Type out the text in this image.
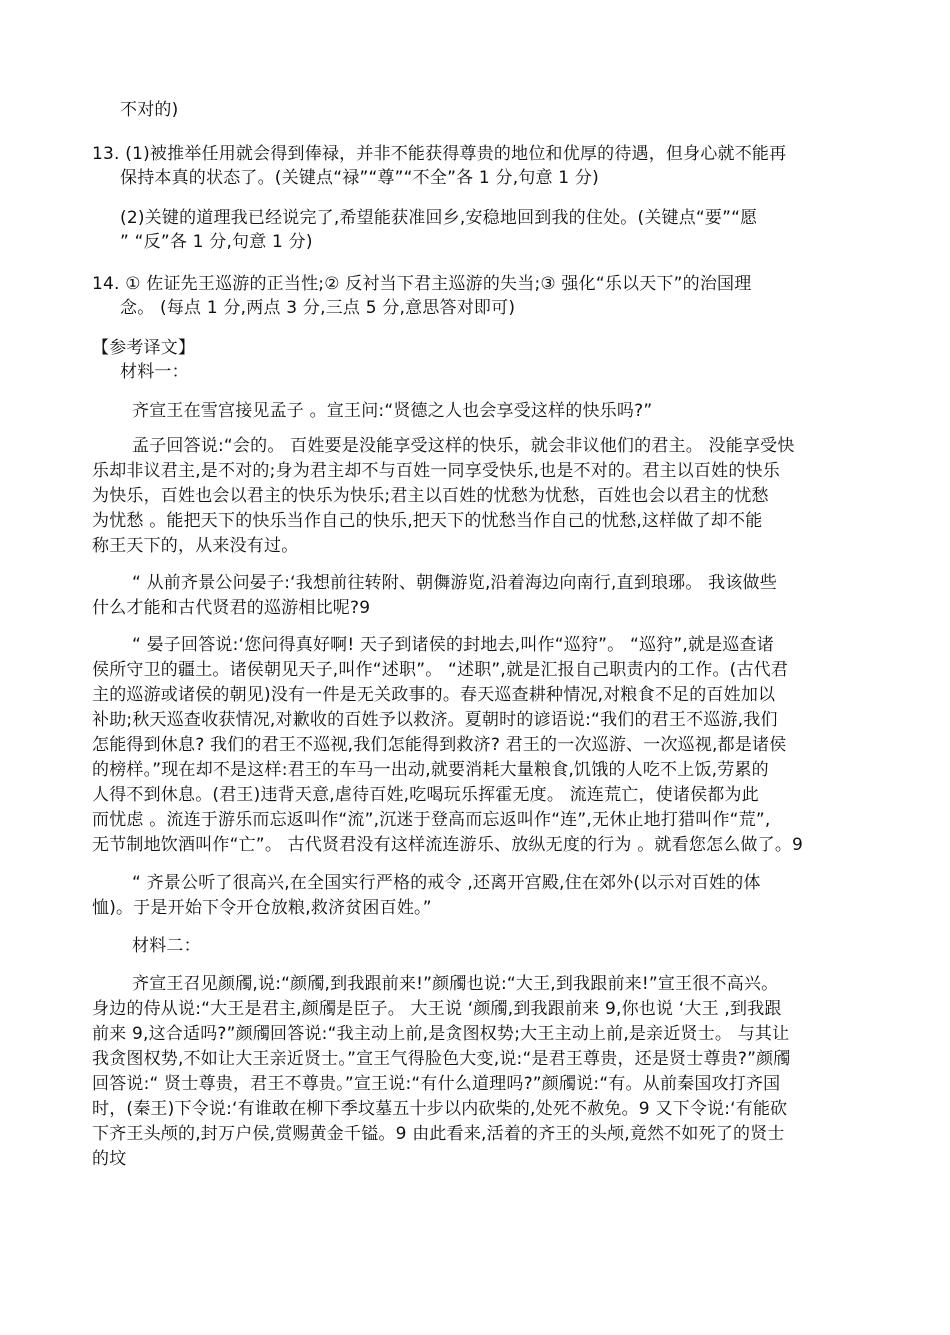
不对的)
13. (1)被推举任用就会得到俸禄，并非不能获得尊贵的地位和优厚的待遇，但身心就不能再
保持本真的状态了。(关键点“禄”“尊”“不全”各 1 分,句意 1 分)
(2)关键的道理我已经说完了,希望能获准回乡,安稳地回到我的住处。(关键点“要”“愿
” “反”各 1 分,句意 1 分)
14. ① 佐证先王巡游的正当性;② 反衬当下君主巡游的失当;③ 强化“乐以天下”的治国理
念。 (每点 1 分,两点 3 分,三点 5 分,意思答对即可)
【参考译文】
材料一：
齐宣王在雪宫接见孟子 。宣王问:“贤德之人也会享受这样的快乐吗?”
孟子回答说:“会的。 百姓要是没能享受这样的快乐，就会非议他们的君主。 没能享受快
乐却非议君主,是不对的;身为君主却不与百姓一同享受快乐,也是不对的。君主以百姓的快乐
为快乐，百姓也会以君主的快乐为快乐;君主以百姓的忧愁为忧愁，百姓也会以君主的忧愁
为忧愁 。能把天下的快乐当作自己的快乐,把天下的忧愁当作自己的忧愁,这样做了却不能
称王天下的，从来没有过。
“ 从前齐景公问晏子:‘我想前往转附、朝儛游览,沿着海边向南行,直到琅琊。 我该做些
什么才能和古代贤君的巡游相比呢?9
“ 晏子回答说:‘您问得真好啊! 天子到诸侯的封地去,叫作“巡狩”。 “巡狩”,就是巡查诸
侯所守卫的疆土。诸侯朝见天子,叫作“述职”。 “述职”,就是汇报自己职责内的工作。(古代君
主的巡游或诸侯的朝见)没有一件是无关政事的。春天巡查耕种情况,对粮食不足的百姓加以
补助;秋天巡查收获情况,对歉收的百姓予以救济。夏朝时的谚语说:“我们的君王不巡游,我们
怎能得到休息? 我们的君王不巡视,我们怎能得到救济? 君王的一次巡游、一次巡视,都是诸侯
的榜样。”现在却不是这样:君王的车马一出动,就要消耗大量粮食,饥饿的人吃不上饭,劳累的
人得不到休息。(君王)违背天意,虐待百姓,吃喝玩乐挥霍无度。 流连荒亡，使诸侯都为此
而忧虑 。流连于游乐而忘返叫作“流”,沉迷于登高而忘返叫作“连”,无休止地打猎叫作“荒”,
无节制地饮酒叫作“亡”。 古代贤君没有这样流连游乐、放纵无度的行为 。就看您怎么做了。9
“ 齐景公听了很高兴,在全国实行严格的戒令 ,还离开宫殿,住在郊外(以示对百姓的体
恤)。于是开始下令开仓放粮,救济贫困百姓。”
材料二：
齐宣王召见颜斶,说:“颜斶,到我跟前来!”颜斶也说:“大王,到我跟前来!”宣王很不高兴。
身边的侍从说:“大王是君主,颜斶是臣子。 大王说 ‘颜斶,到我跟前来 9,你也说 ‘大王 ,到我跟
前来 9,这合适吗?”颜斶回答说:“我主动上前,是贪图权势;大王主动上前,是亲近贤士。 与其让
我贪图权势,不如让大王亲近贤士。”宣王气得脸色大变,说:“是君王尊贵，还是贤士尊贵?”颜斶
回答说:“ 贤士尊贵，君王不尊贵。”宣王说:“有什么道理吗?”颜斶说:“有。从前秦国攻打齐国
时，(秦王)下令说:‘有谁敢在柳下季坟墓五十步以内砍柴的,处死不赦免。9 又下令说:‘有能砍
下齐王头颅的,封万户侯,赏赐黄金千镒。9 由此看来,活着的齐王的头颅,竟然不如死了的贤士
的坟
